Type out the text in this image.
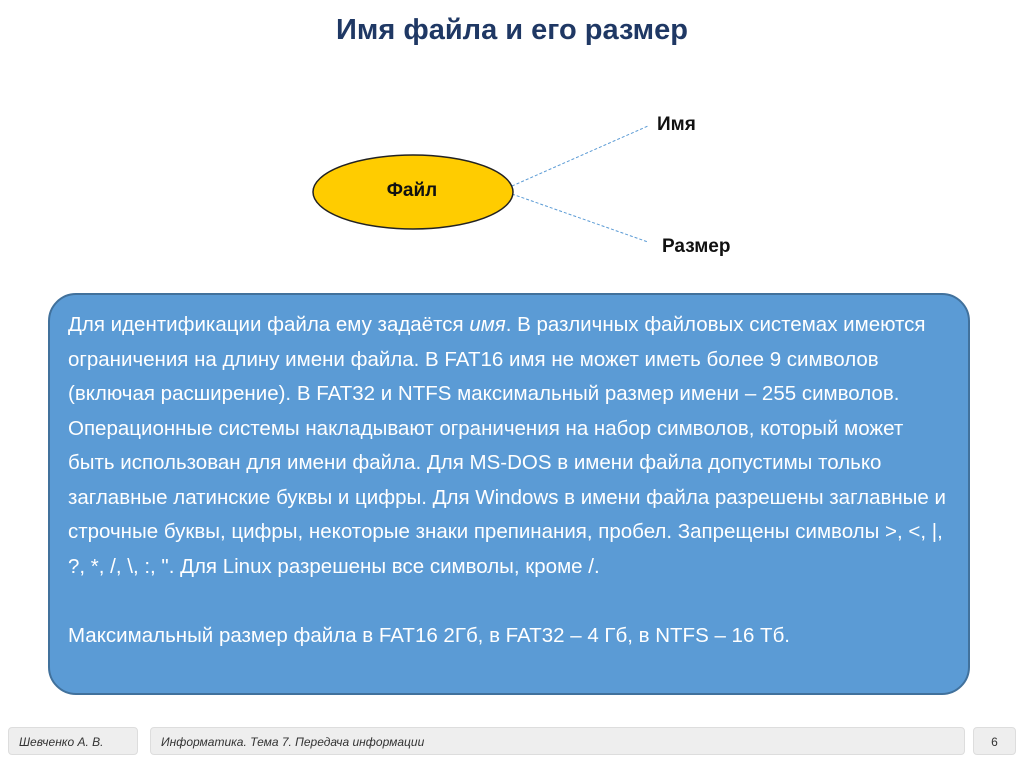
Имя файла и его размер
Файл
Имя
Размер

Для идентификации файла ему задаётся имя. В различных файловых системах имеются ограничения на длину имени файла. В FAT16 имя не может иметь более 9 символов (включая расширение). В FAT32 и NTFS максимальный размер имени – 255 символов. Операционные системы накладывают ограничения на набор символов, который может быть использован для имени файла. Для MS-DOS в имени файла допустимы только заглавные латинские буквы и цифры. Для Windows в имени файла разрешены заглавные и строчные буквы, цифры, некоторые знаки препинания, пробел. Запрещены символы >, <, |, ?, *, /, \, :, ". Для Linux разрешены все символы, кроме /.

Максимальный размер файла в FAT16 2Гб, в FAT32 – 4 Гб, в NTFS – 16 Тб.

Шевченко А. В.	Информатика. Тема 7. Передача информации	6
